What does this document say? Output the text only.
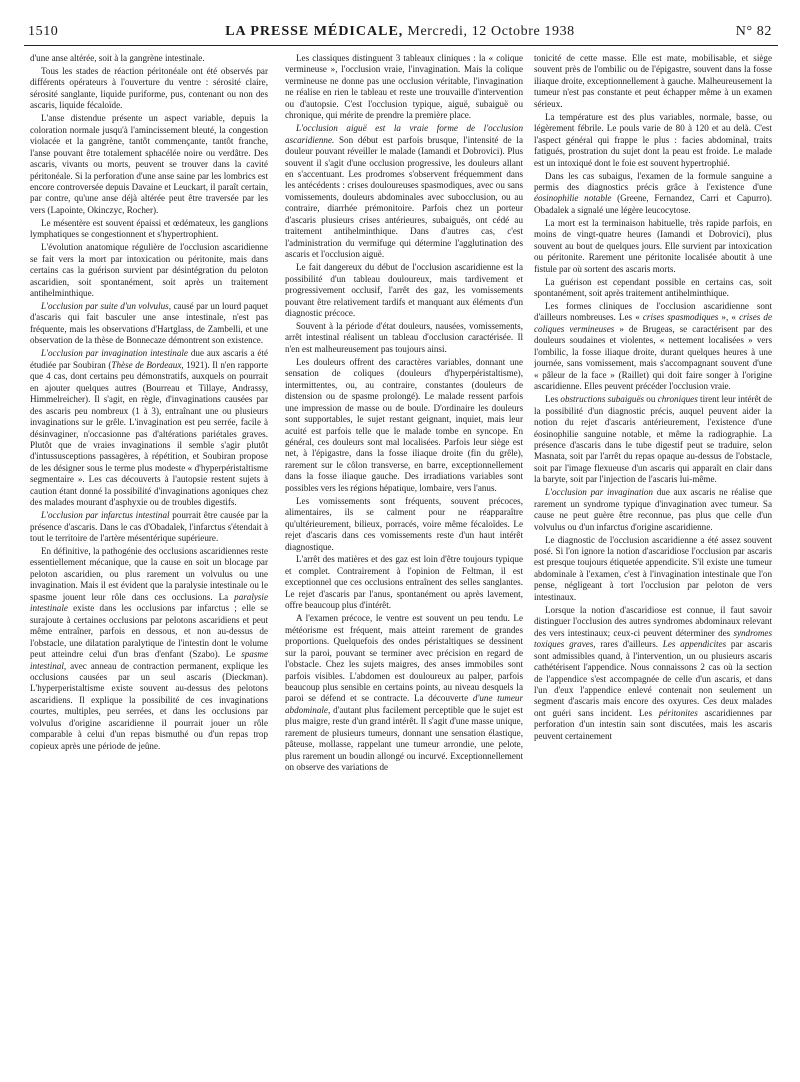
1510	LA PRESSE MÉDICALE, Mercredi, 12 Octobre 1938	N° 82

d'une anse altérée, soit à la gangrène intestinale.

Tous les stades de réaction péritonéale ont été observés par différents opérateurs à l'ouverture du ventre : sérosité claire, sérosité sanglante, liquide puriforme, pus, contenant ou non des ascaris, liquide fécaloïde.

L'anse distendue présente un aspect variable, depuis la coloration normale jusqu'à l'amincissement bleuté, la congestion violacée et la gangrène, tantôt commençante, tantôt franche, l'anse pouvant être totalement sphacélée noire ou verdâtre. Des ascaris, vivants ou morts, peuvent se trouver dans la cavité péritonéale. Si la perforation d'une anse saine par les lombrics est encore controversée depuis Davaine et Leuckart, il paraît certain, par contre, qu'une anse déjà altérée peut être traversée par les vers (Lapointe, Okinczyc, Rocher).

Le mésentère est souvent épaissi et œdémateux, les ganglions lymphatiques se congestionnent et s'hypertrophient.

L'évolution anatomique régulière de l'occlusion ascaridienne se fait vers la mort par intoxication ou péritonite, mais dans certains cas la guérison survient par désintégration du peloton ascaridien, soit spontanément, soit après un traitement antihelminthique.

L'occlusion par suite d'un volvulus, causé par un lourd paquet d'ascaris qui fait basculer une anse intestinale, n'est pas fréquente, mais les observations d'Hartglass, de Zambelli, et une observation de la thèse de Bonnecaze démontrent son existence.

L'occlusion par invagination intestinale due aux ascaris a été étudiée par Soubiran (Thèse de Bordeaux, 1921). Il n'en rapporte que 4 cas, dont certains peu démonstratifs, auxquels on pourrait en ajouter quelques autres (Bourreau et Tillaye, Andrassy, Himmelreicher). Il s'agit, en règle, d'invaginations causées par des ascaris peu nombreux (1 à 3), entraînant une ou plusieurs invaginations sur le grêle. L'invagination est peu serrée, facile à désinvaginer, n'occasionne pas d'altérations pariétales graves. Plutôt que de vraies invaginations il semble s'agir plutôt d'intussusceptions passagères, à répétition, et Soubiran propose de les désigner sous le terme plus modeste « d'hyperpéristaltisme segmentaire ». Les cas découverts à l'autopsie restent sujets à caution étant donné la possibilité d'invaginations agoniques chez des malades mourant d'asphyxie ou de troubles digestifs.

L'occlusion par infarctus intestinal pourrait être causée par la présence d'ascaris. Dans le cas d'Obadalek, l'infarctus s'étendait à tout le territoire de l'artère mésentérique supérieure.

En définitive, la pathogénie des occlusions ascaridiennes reste essentiellement mécanique, que la cause en soit un blocage par peloton ascaridien, ou plus rarement un volvulus ou une invagination. Mais il est évident que la paralysie intestinale ou le spasme jouent leur rôle dans ces occlusions. La paralysie intestinale existe dans les occlusions par infarctus ; elle se surajoute à certaines occlusions par pelotons ascaridiens et peut même entraîner, parfois en dessous, et non au-dessus de l'obstacle, une dilatation paralytique de l'intestin dont le volume peut atteindre celui d'un bras d'enfant (Szabo). Le spasme intestinal, avec anneau de contraction permanent, explique les occlusions causées par un seul ascaris (Dieckman). L'hyperperistaltisme existe souvent au-dessus des pelotons ascaridiens. Il explique la possibilité de ces invaginations courtes, multiples, peu serrées, et dans les occlusions par volvulus d'origine ascaridienne il pourrait jouer un rôle comparable à celui d'un repas bismuthé ou d'un repas trop copieux après une période de jeûne.

Les classiques distinguent 3 tableaux cliniques : la « colique vermineuse », l'occlusion vraie, l'invagination. Mais la colique vermineuse ne donne pas une occlusion véritable, l'invagination ne réalise en rien le tableau et reste une trouvaille d'intervention ou d'autopsie. C'est l'occlusion typique, aiguë, subaiguë ou chronique, qui mérite de prendre la première place.

L'occlusion aiguë est la vraie forme de l'occlusion ascaridienne. Son début est parfois brusque, l'intensité de la douleur pouvant réveiller le malade (Iamandi et Dobrovici). Plus souvent il s'agit d'une occlusion progressive, les douleurs allant en s'accentuant. Les prodromes s'observent fréquemment dans les antécédents : crises douloureuses spasmodiques, avec ou sans vomissements, douleurs abdominales avec subocclusion, ou au contraire, diarrhée prémonitoire. Parfois chez un porteur d'ascaris plusieurs crises antérieures, subaiguës, ont cédé au traitement antihelminthique. Dans d'autres cas, c'est l'administration du vermifuge qui détermine l'agglutination des ascaris et l'occlusion aiguë.

Le fait dangereux du début de l'occlusion ascaridienne est la possibilité d'un tableau douloureux, mais tardivement et progressivement occlusif, l'arrêt des gaz, les vomissements pouvant être relativement tardifs et manquant aux éléments d'un diagnostic précoce.

Souvent à la période d'état douleurs, nausées, vomissements, arrêt intestinal réalisent un tableau d'occlusion caractérisée. Il n'en est malheureusement pas toujours ainsi.

Les douleurs offrent des caractères variables, donnant une sensation de coliques (douleurs d'hyperpéristaltisme), intermittentes, ou, au contraire, constantes (douleurs de distension ou de spasme prolongé). Le malade ressent parfois une impression de masse ou de boule. D'ordinaire les douleurs sont supportables, le sujet restant geignant, inquiet, mais leur acuité est parfois telle que le malade tombe en syncope. En général, ces douleurs sont mal localisées. Parfois leur siège est net, à l'épigastre, dans la fosse iliaque droite (fin du grêle), rarement sur le côlon transverse, en barre, exceptionnellement dans la fosse iliaque gauche. Des irradiations variables sont possibles vers les régions hépatique, lombaire, vers l'anus.

Les vomissements sont fréquents, souvent précoces, alimentaires, ils se calment pour ne réapparaître qu'ultérieurement, bilieux, porracés, voire même fécaloïdes. Le rejet d'ascaris dans ces vomissements reste d'un haut intérêt diagnostique.

L'arrêt des matières et des gaz est loin d'être toujours typique et complet. Contrairement à l'opinion de Feltman, il est exceptionnel que ces occlusions entraînent des selles sanglantes. Le rejet d'ascaris par l'anus, spontanément ou après lavement, offre beaucoup plus d'intérêt.

A l'examen précoce, le ventre est souvent un peu tendu. Le météorisme est fréquent, mais atteint rarement de grandes proportions. Quelquefois des ondes péristaltiques se dessinent sur la paroi, pouvant se terminer avec précision en regard de l'obstacle. Chez les sujets maigres, des anses immobiles sont parfois visibles. L'abdomen est douloureux au palper, parfois beaucoup plus sensible en certains points, au niveau desquels la paroi se défend et se contracte. La découverte d'une tumeur abdominale, d'autant plus facilement perceptible que le sujet est plus maigre, reste d'un grand intérêt. Il s'agit d'une masse unique, rarement de plusieurs tumeurs, donnant une sensation élastique, pâteuse, mollasse, rappelant une tumeur arrondie, une pelote, plus rarement un boudin allongé ou incurvé. Exceptionnellement on observe des variations de

tonicité de cette masse. Elle est mate, mobilisable, et siège souvent près de l'ombilic ou de l'épigastre, souvent dans la fosse iliaque droite, exceptionnellement à gauche. Malheureusement la tumeur n'est pas constante et peut échapper même à un examen sérieux.

La température est des plus variables, normale, basse, ou légèrement fébrile. Le pouls varie de 80 à 120 et au delà. C'est l'aspect général qui frappe le plus : facies abdominal, traits fatigués, prostration du sujet dont la peau est froide. Le malade est un intoxiqué dont le foie est souvent hypertrophié.

Dans les cas subaigus, l'examen de la formule sanguine a permis des diagnostics précis grâce à l'existence d'une éosinophilie notable (Greene, Fernandez, Carri et Capurro). Obadalek a signalé une légère leucocytose.

La mort est la terminaison habituelle, très rapide parfois, en moins de vingt-quatre heures (Iamandi et Dobrovici), plus souvent au bout de quelques jours. Elle survient par intoxication ou péritonite. Rarement une péritonite localisée aboutit à une fistule par où sortent des ascaris morts.

La guérison est cependant possible en certains cas, soit spontanément, soit après traitement antihelminthique.

Les formes cliniques de l'occlusion ascaridienne sont d'ailleurs nombreuses. Les « crises spasmodiques », « crises de coliques vermineuses » de Brugeas, se caractérisent par des douleurs soudaines et violentes, « nettement localisées » vers l'ombilic, la fosse iliaque droite, durant quelques heures à une journée, sans vomissement, mais s'accompagnant souvent d'une « pâleur de la face » (Raillet) qui doit faire songer à l'origine ascaridienne. Elles peuvent précéder l'occlusion vraie.

Les obstructions subaiguës ou chroniques tirent leur intérêt de la possibilité d'un diagnostic précis, auquel peuvent aider la notion du rejet d'ascaris antérieurement, l'existence d'une éosinophilie sanguine notable, et même la radiographie. La présence d'ascaris dans le tube digestif peut se traduire, selon Masnata, soit par l'arrêt du repas opaque au-dessus de l'obstacle, soit par l'image flexueuse d'un ascaris qui apparaît en clair dans la baryte, soit par l'injection de l'ascaris lui-même.

L'occlusion par invagination due aux ascaris ne réalise que rarement un syndrome typique d'invagination avec tumeur. Sa cause ne peut guère être reconnue, pas plus que celle d'un volvulus ou d'un infarctus d'origine ascaridienne.

Le diagnostic de l'occlusion ascaridienne a été assez souvent posé. Si l'on ignore la notion d'ascaridiose l'occlusion par ascaris est presque toujours étiquetée appendicite. S'il existe une tumeur abdominale à l'examen, c'est à l'invagination intestinale que l'on pense, négligeant à tort l'occlusion par peloton de vers intestinaux.

Lorsque la notion d'ascaridiose est connue, il faut savoir distinguer l'occlusion des autres syndromes abdominaux relevant des vers intestinaux; ceux-ci peuvent déterminer des syndromes toxiques graves, rares d'ailleurs. Les appendicites par ascaris sont admissibles quand, à l'intervention, un ou plusieurs ascaris cathétérisent l'appendice. Nous connaissons 2 cas où la section de l'appendice s'est accompagnée de celle d'un ascaris, et dans l'un d'eux l'appendice enlevé contenait non seulement un segment d'ascaris mais encore des oxyures. Ces deux malades ont guéri sans incident. Les péritonites ascaridiennes par perforation d'un intestin sain sont discutées, mais les ascaris peuvent certainement
